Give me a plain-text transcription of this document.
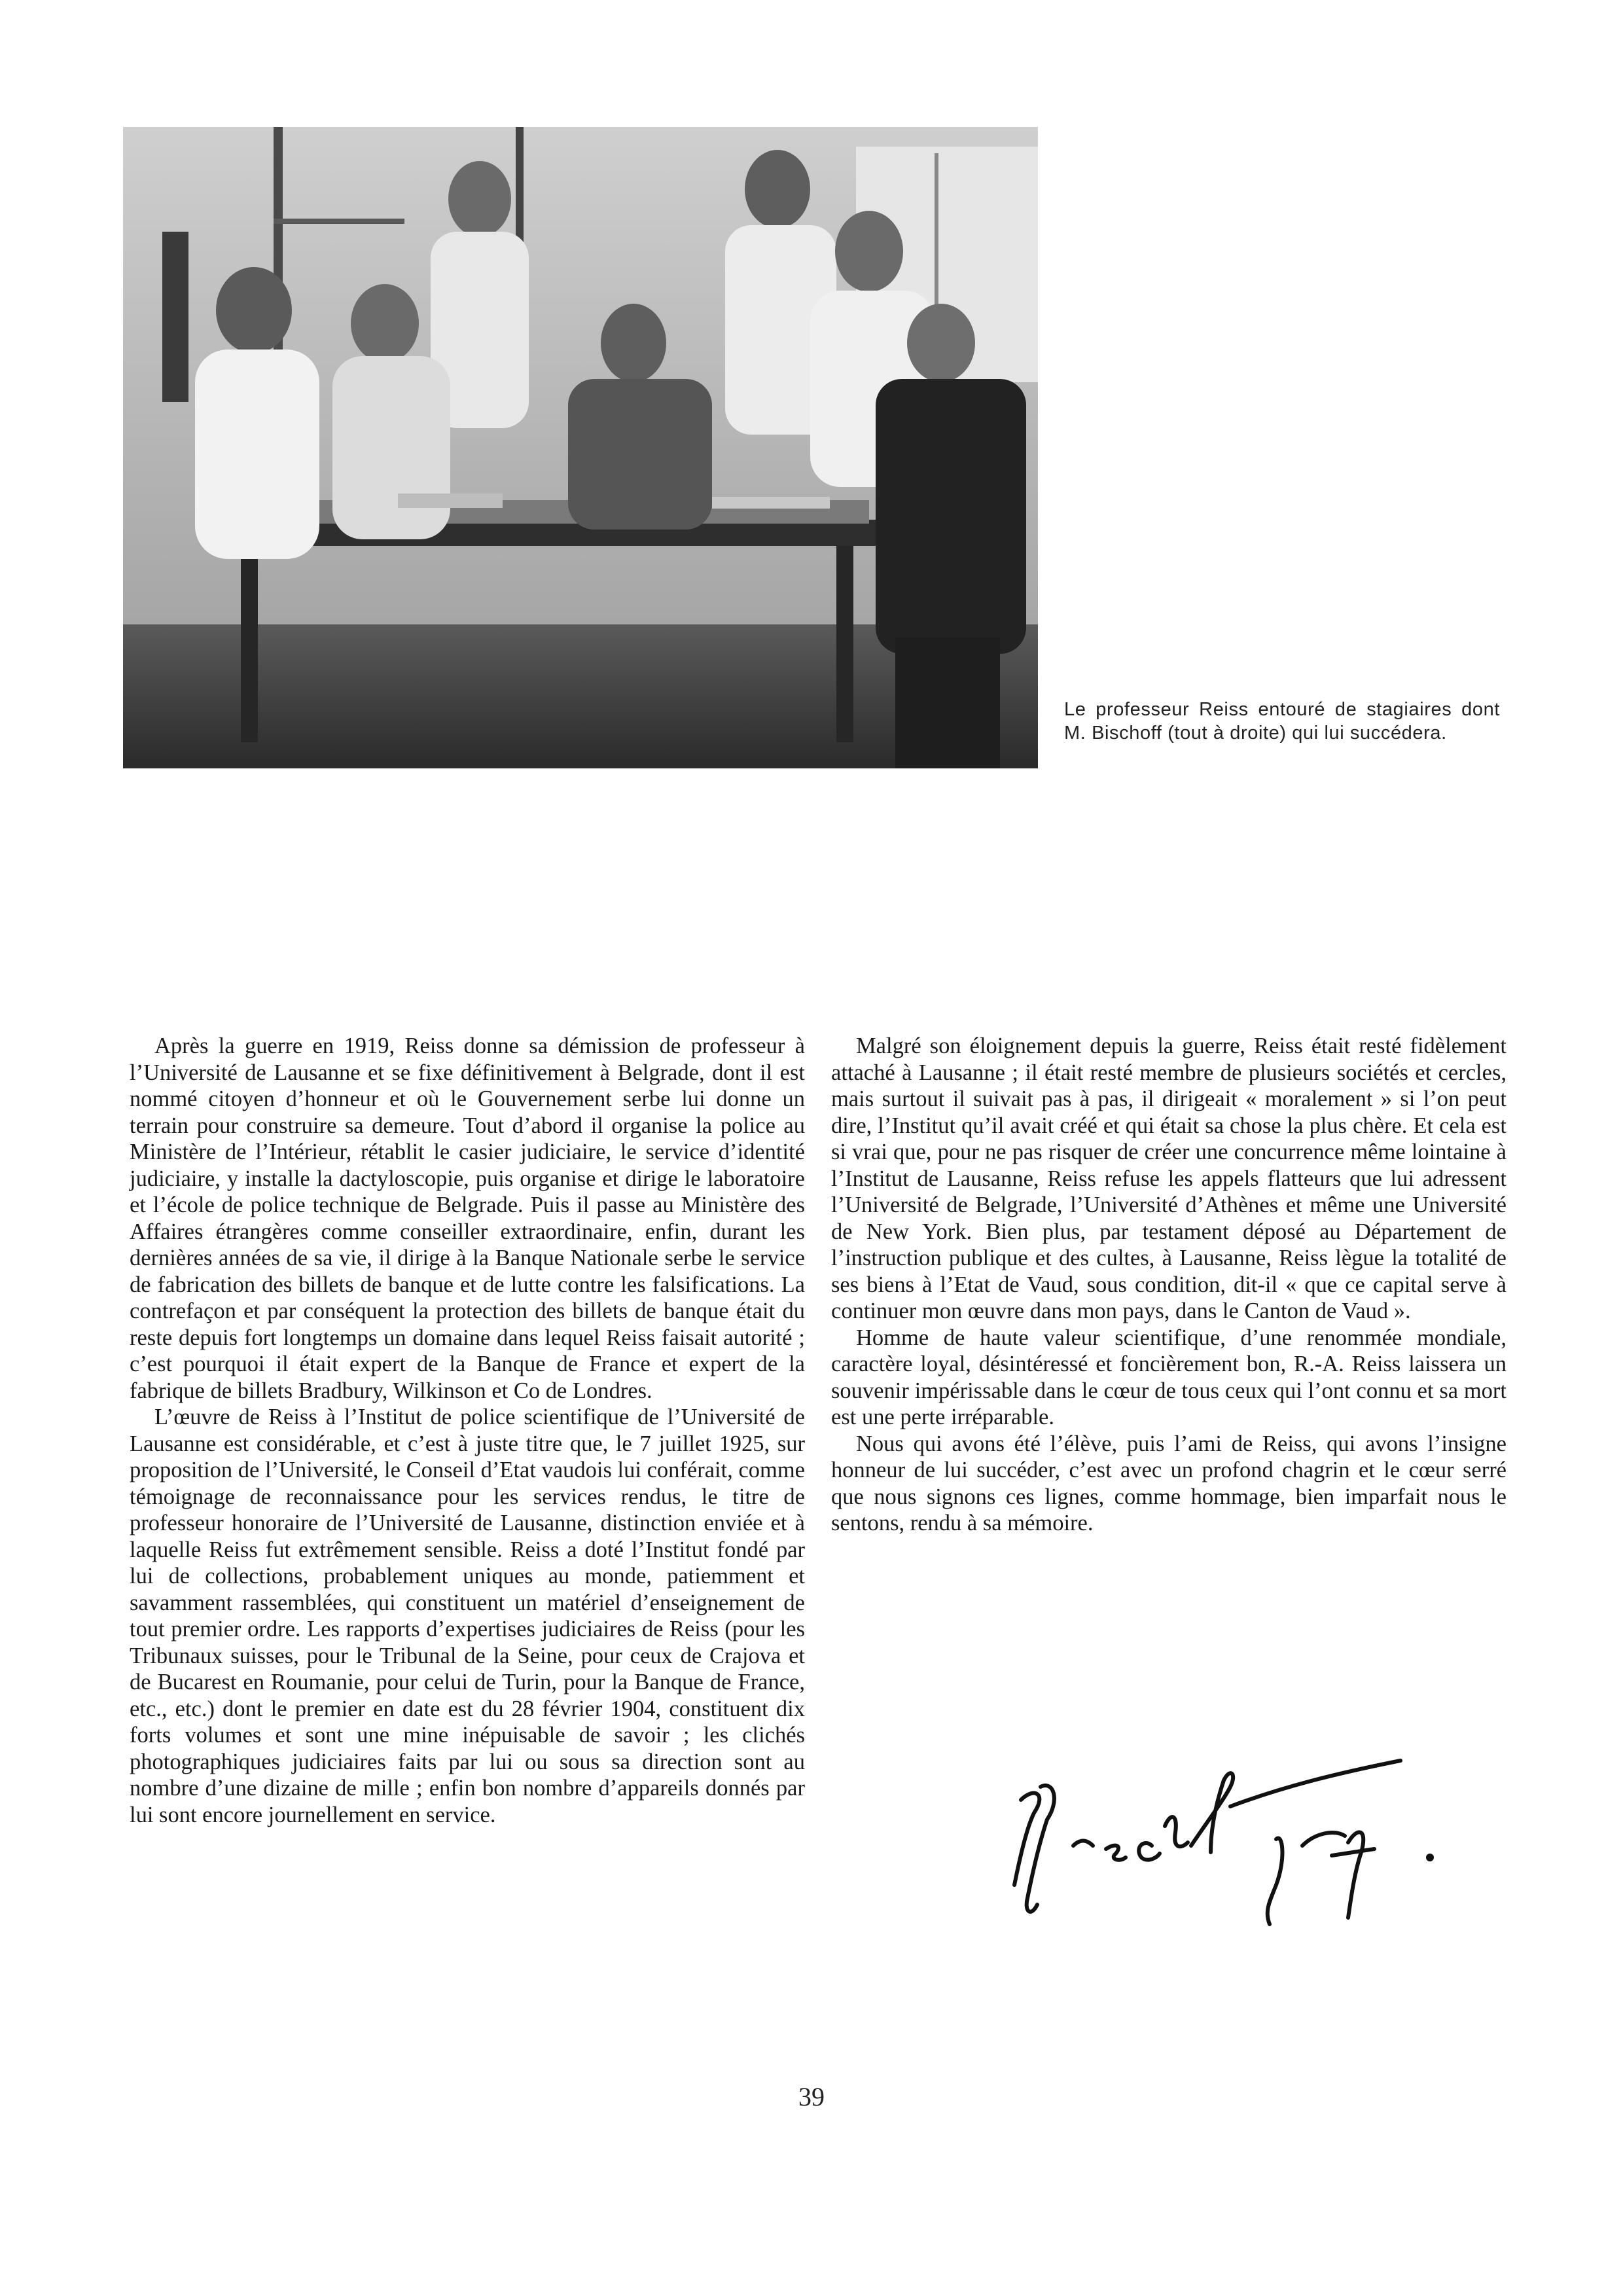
Le professeur Reiss entouré de stagiaires dont M. Bischoff (tout à droite) qui lui succédera.

Après la guerre en 1919, Reiss donne sa démission de professeur à l’Université de Lausanne et se fixe définitivement à Belgrade, dont il est nommé citoyen d’honneur et où le Gouvernement serbe lui donne un terrain pour construire sa demeure. Tout d’abord il organise la police au Ministère de l’Intérieur, rétablit le casier judiciaire, le service d’identité judiciaire, y installe la dactyloscopie, puis organise et dirige le laboratoire et l’école de police technique de Belgrade. Puis il passe au Ministère des Affaires étrangères comme conseiller extraordinaire, enfin, durant les dernières années de sa vie, il dirige à la Banque Nationale serbe le service de fabrication des billets de banque et de lutte contre les falsifications. La contrefaçon et par conséquent la protection des billets de banque était du reste depuis fort longtemps un domaine dans lequel Reiss faisait autorité ; c’est pourquoi il était expert de la Banque de France et expert de la fabrique de billets Bradbury, Wilkinson et Co de Londres.

L’œuvre de Reiss à l’Institut de police scientifique de l’Université de Lausanne est considérable, et c’est à juste titre que, le 7 juillet 1925, sur proposition de l’Université, le Conseil d’Etat vaudois lui conférait, comme témoignage de reconnaissance pour les services rendus, le titre de professeur honoraire de l’Université de Lausanne, distinction enviée et à laquelle Reiss fut extrêmement sensible. Reiss a doté l’Institut fondé par lui de collections, probablement uniques au monde, patiemment et savamment rassemblées, qui constituent un matériel d’enseignement de tout premier ordre. Les rapports d’expertises judiciaires de Reiss (pour les Tribunaux suisses, pour le Tribunal de la Seine, pour ceux de Crajova et de Bucarest en Roumanie, pour celui de Turin, pour la Banque de France, etc., etc.) dont le premier en date est du 28 février 1904, constituent dix forts volumes et sont une mine inépuisable de savoir ; les clichés photographiques judiciaires faits par lui ou sous sa direction sont au nombre d’une dizaine de mille ; enfin bon nombre d’appareils donnés par lui sont encore journellement en service.

Malgré son éloignement depuis la guerre, Reiss était resté fidèlement attaché à Lausanne ; il était resté membre de plusieurs sociétés et cercles, mais surtout il suivait pas à pas, il dirigeait « moralement » si l’on peut dire, l’Institut qu’il avait créé et qui était sa chose la plus chère. Et cela est si vrai que, pour ne pas risquer de créer une concurrence même lointaine à l’Institut de Lausanne, Reiss refuse les appels flatteurs que lui adressent l’Université de Belgrade, l’Université d’Athènes et même une Université de New York. Bien plus, par testament déposé au Département de l’instruction publique et des cultes, à Lausanne, Reiss lègue la totalité de ses biens à l’Etat de Vaud, sous condition, dit-il « que ce capital serve à continuer mon œuvre dans mon pays, dans le Canton de Vaud ».

Homme de haute valeur scientifique, d’une renommée mondiale, caractère loyal, désintéressé et foncièrement bon, R.-A. Reiss laissera un souvenir impérissable dans le cœur de tous ceux qui l’ont connu et sa mort est une perte irréparable.

Nous qui avons été l’élève, puis l’ami de Reiss, qui avons l’insigne honneur de lui succéder, c’est avec un profond chagrin et le cœur serré que nous signons ces lignes, comme hommage, bien imparfait nous le sentons, rendu à sa mémoire.

39
